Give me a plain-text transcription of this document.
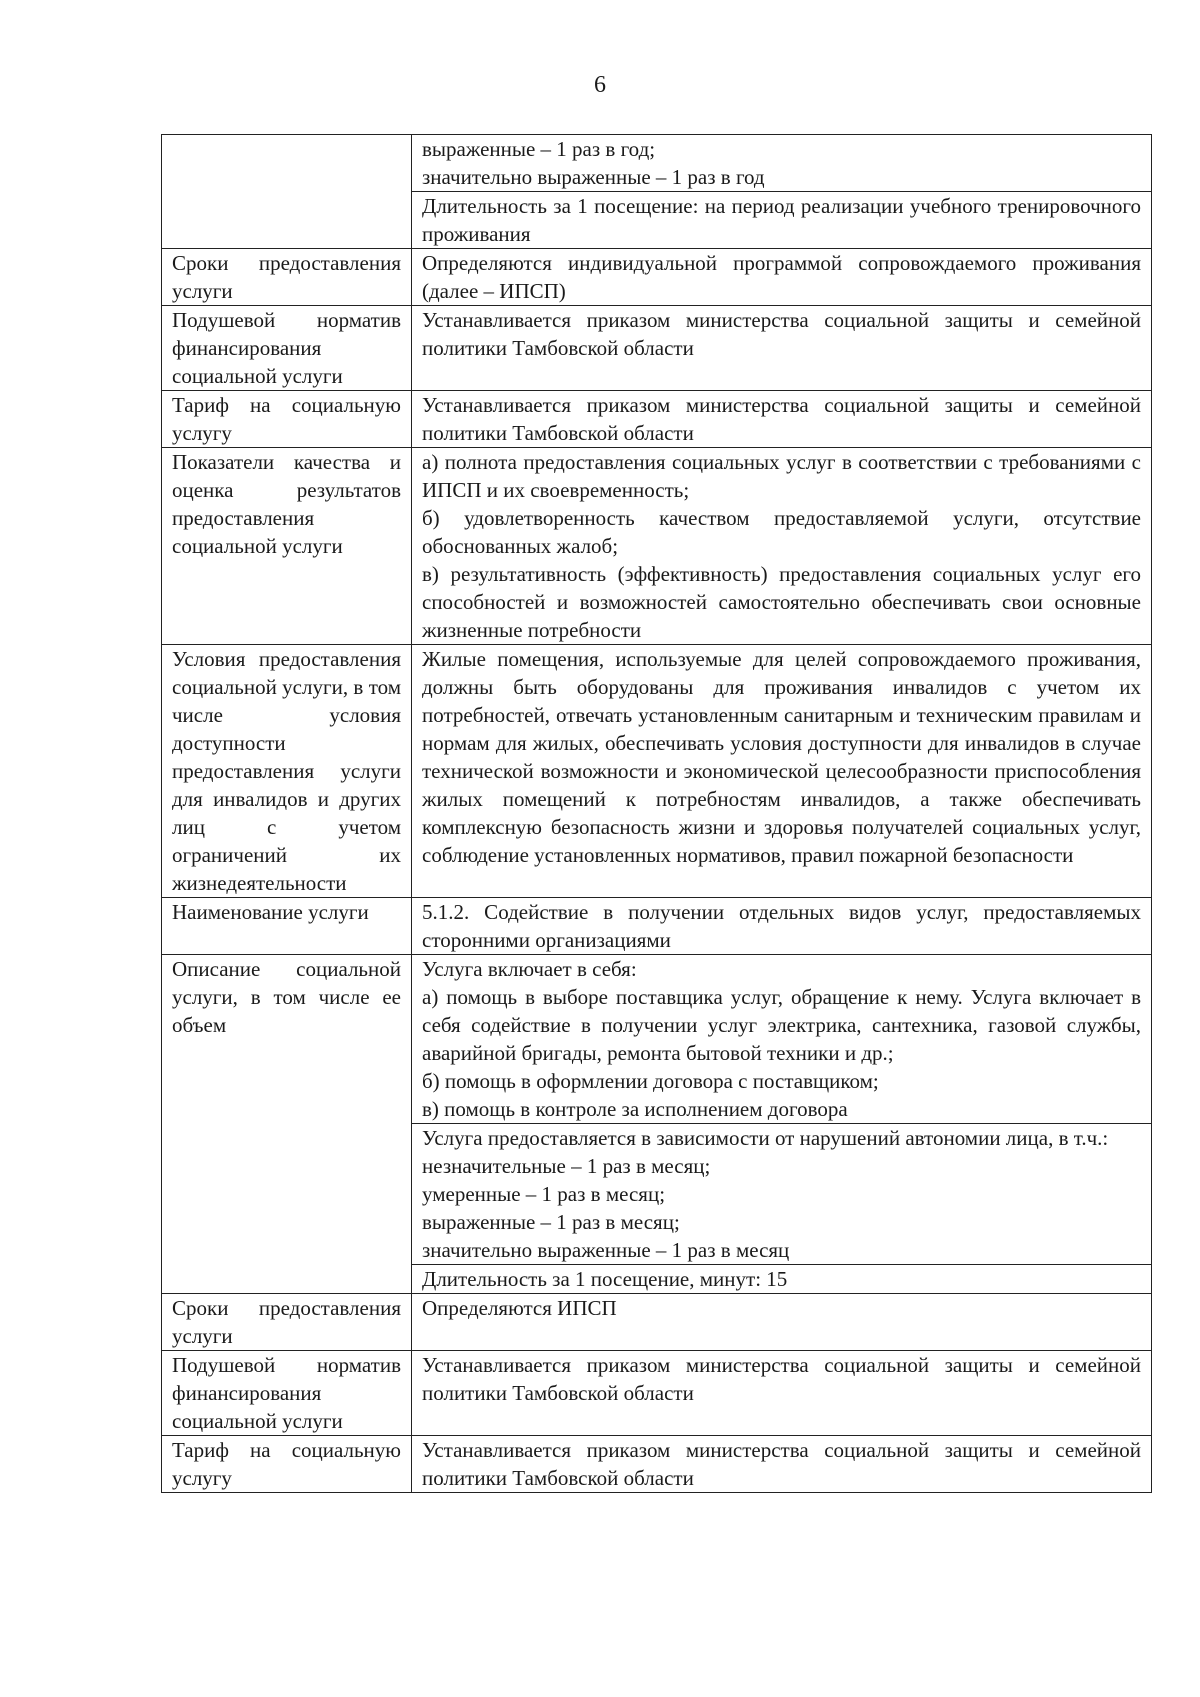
6

	выраженные – 1 раз в год;
значительно выраженные – 1 раз в год

	Длительность за 1 посещение: на период реализации учебного тренировочного проживания
Сроки предоставления услуги	Определяются индивидуальной программой сопровождаемого проживания (далее – ИПСП)
Подушевой норматив финансирования социальной услуги	Устанавливается приказом министерства социальной защиты и семейной политики Тамбовской области
Тариф на социальную услугу	Устанавливается приказом министерства социальной защиты и семейной политики Тамбовской области
Показатели качества и оценка результатов предоставления социальной услуги	а) полнота предоставления социальных услуг в соответствии с требованиями с ИПСП и их своевременность;
б) удовлетворенность качеством предоставляемой услуги, отсутствие обоснованных жалоб;
в) результативность (эффективность) предоставления социальных услуг его способностей и возможностей самостоятельно обеспечивать свои основные жизненные потребности

Условия предоставления социальной услуги, в том числе условия доступности предоставления услуги для инвалидов и других лиц с учетом ограничений их жизнедеятельности	Жилые помещения, используемые для целей сопровождаемого проживания, должны быть оборудованы для проживания инвалидов с учетом их потребностей, отвечать установленным санитарным и техническим правилам и нормам для жилых, обеспечивать условия доступности для инвалидов в случае технической возможности и экономической целесообразности приспособления жилых помещений к потребностям инвалидов, а также обеспечивать комплексную безопасность жизни и здоровья получателей социальных услуг, соблюдение установленных нормативов, правил пожарной безопасности
Наименование услуги	5.1.2. Содействие в получении отдельных видов услуг, предоставляемых сторонними организациями
Описание социальной услуги, в том числе ее объем	Услуга включает в себя:
а) помощь в выборе поставщика услуг, обращение к нему. Услуга включает в себя содействие в получении услуг электрика, сантехника, газовой службы, аварийной бригады, ремонта бытовой техники и др.;
б) помощь в оформлении договора с поставщиком;
в) помощь в контроле за исполнением договора

	Услуга предоставляется в зависимости от нарушений автономии лица, в т.ч.:
незначительные – 1 раз в месяц;
умеренные – 1 раз в месяц;
выраженные – 1 раз в месяц;
значительно выраженные – 1 раз в месяц

	Длительность за 1 посещение, минут: 15
Сроки предоставления услуги	Определяются ИПСП
Подушевой норматив финансирования социальной услуги	Устанавливается приказом министерства социальной защиты и семейной политики Тамбовской области
Тариф на социальную услугу	Устанавливается приказом министерства социальной защиты и семейной политики Тамбовской области
